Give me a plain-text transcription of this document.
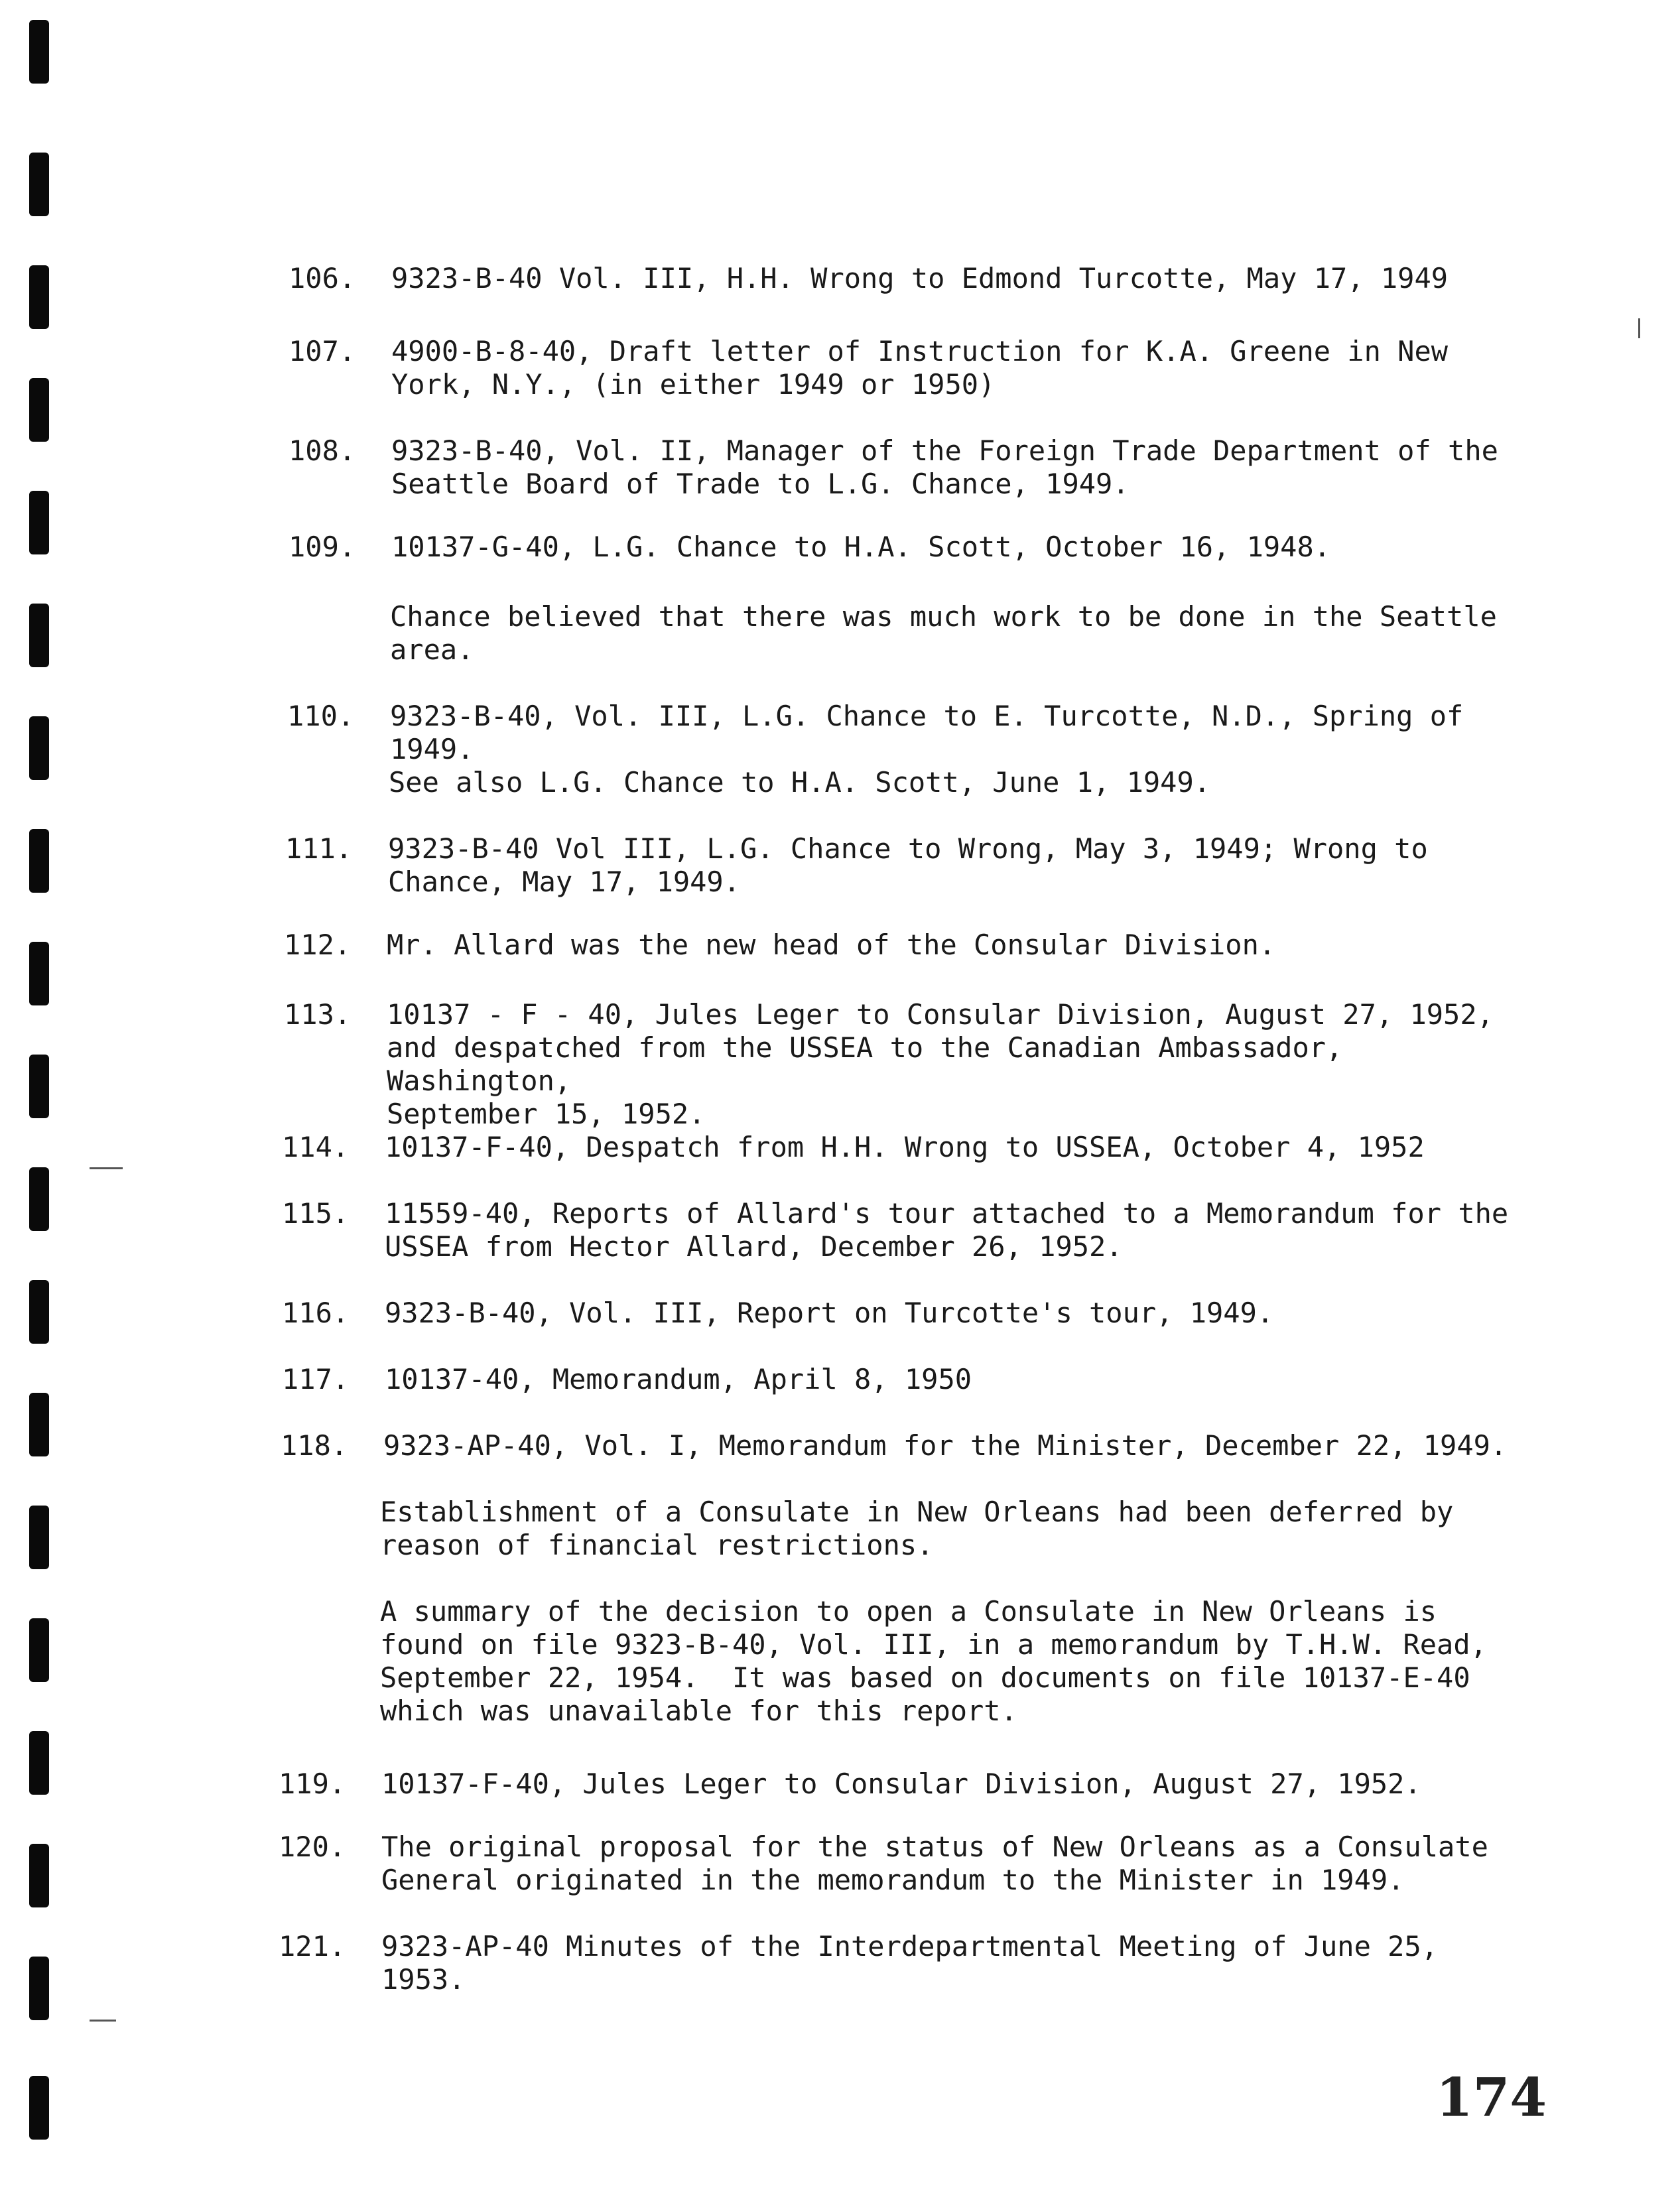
106.	9323-B-40 Vol. III, H.H. Wrong to Edmond Turcotte, May 17, 1949
107.	4900-B-8-40, Draft letter of Instruction for K.A. Greene in New
York, N.Y., (in either 1949 or 1950)
108.	9323-B-40, Vol. II, Manager of the Foreign Trade Department of the
Seattle Board of Trade to L.G. Chance, 1949.
109.	10137-G-40, L.G. Chance to H.A. Scott, October 16, 1948.
Chance believed that there was much work to be done in the Seattle
area.
110.	9323-B-40, Vol. III, L.G. Chance to E. Turcotte, N.D., Spring of 1949.
See also L.G. Chance to H.A. Scott, June 1, 1949.
111.	9323-B-40 Vol III, L.G. Chance to Wrong, May 3, 1949; Wrong to
Chance, May 17, 1949.
112.	Mr. Allard was the new head of the Consular Division.
113.	10137 - F - 40, Jules Leger to Consular Division, August 27, 1952,
and despatched from the USSEA to the Canadian Ambassador, Washington,
September 15, 1952.
114.	10137-F-40, Despatch from H.H. Wrong to USSEA, October 4, 1952
115.	11559-40, Reports of Allard's tour attached to a Memorandum for the
USSEA from Hector Allard, December 26, 1952.
116.	9323-B-40, Vol. III, Report on Turcotte's tour, 1949.
117.	10137-40, Memorandum, April 8, 1950
118.	9323-AP-40, Vol. I, Memorandum for the Minister, December 22, 1949.
Establishment of a Consulate in New Orleans had been deferred by
reason of financial restrictions.
A summary of the decision to open a Consulate in New Orleans is
found on file 9323-B-40, Vol. III, in a memorandum by T.H.W. Read,
September 22, 1954.  It was based on documents on file 10137-E-40
which was unavailable for this report.
119.	10137-F-40, Jules Leger to Consular Division, August 27, 1952.
120.	The original proposal for the status of New Orleans as a Consulate
General originated in the memorandum to the Minister in 1949.
121.	9323-AP-40 Minutes of the Interdepartmental Meeting of June 25, 1953.
174
